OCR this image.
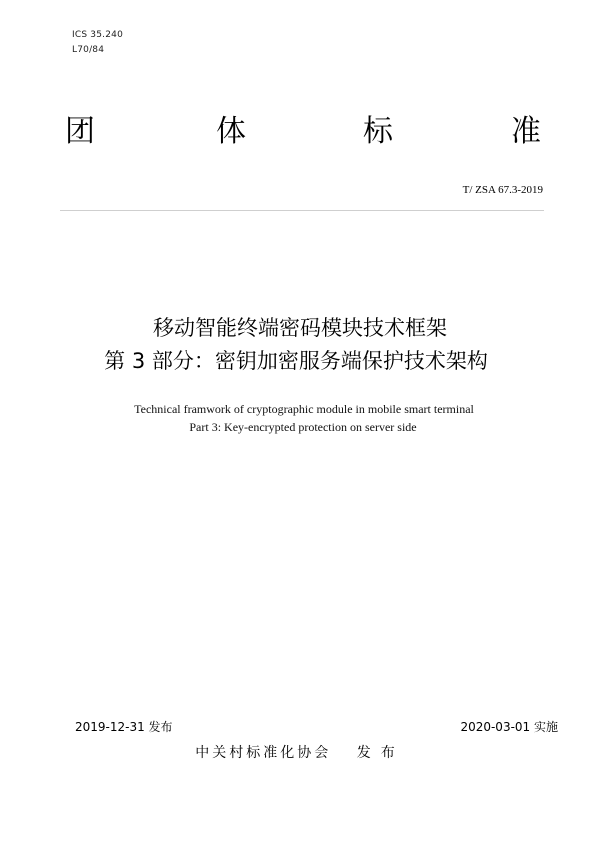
ICS 35.240
L70/84
团	体	标	准
T/ ZSA 67.3-2019
移动智能终端密码模块技术框架
第 3 部分：密钥加密服务端保护技术架构
Technical framwork of cryptographic module in mobile smart terminal
Part 3: Key-encrypted protection on server side
2019-12-31 发布	2020-03-01 实施
中关村标准化协会 发布
